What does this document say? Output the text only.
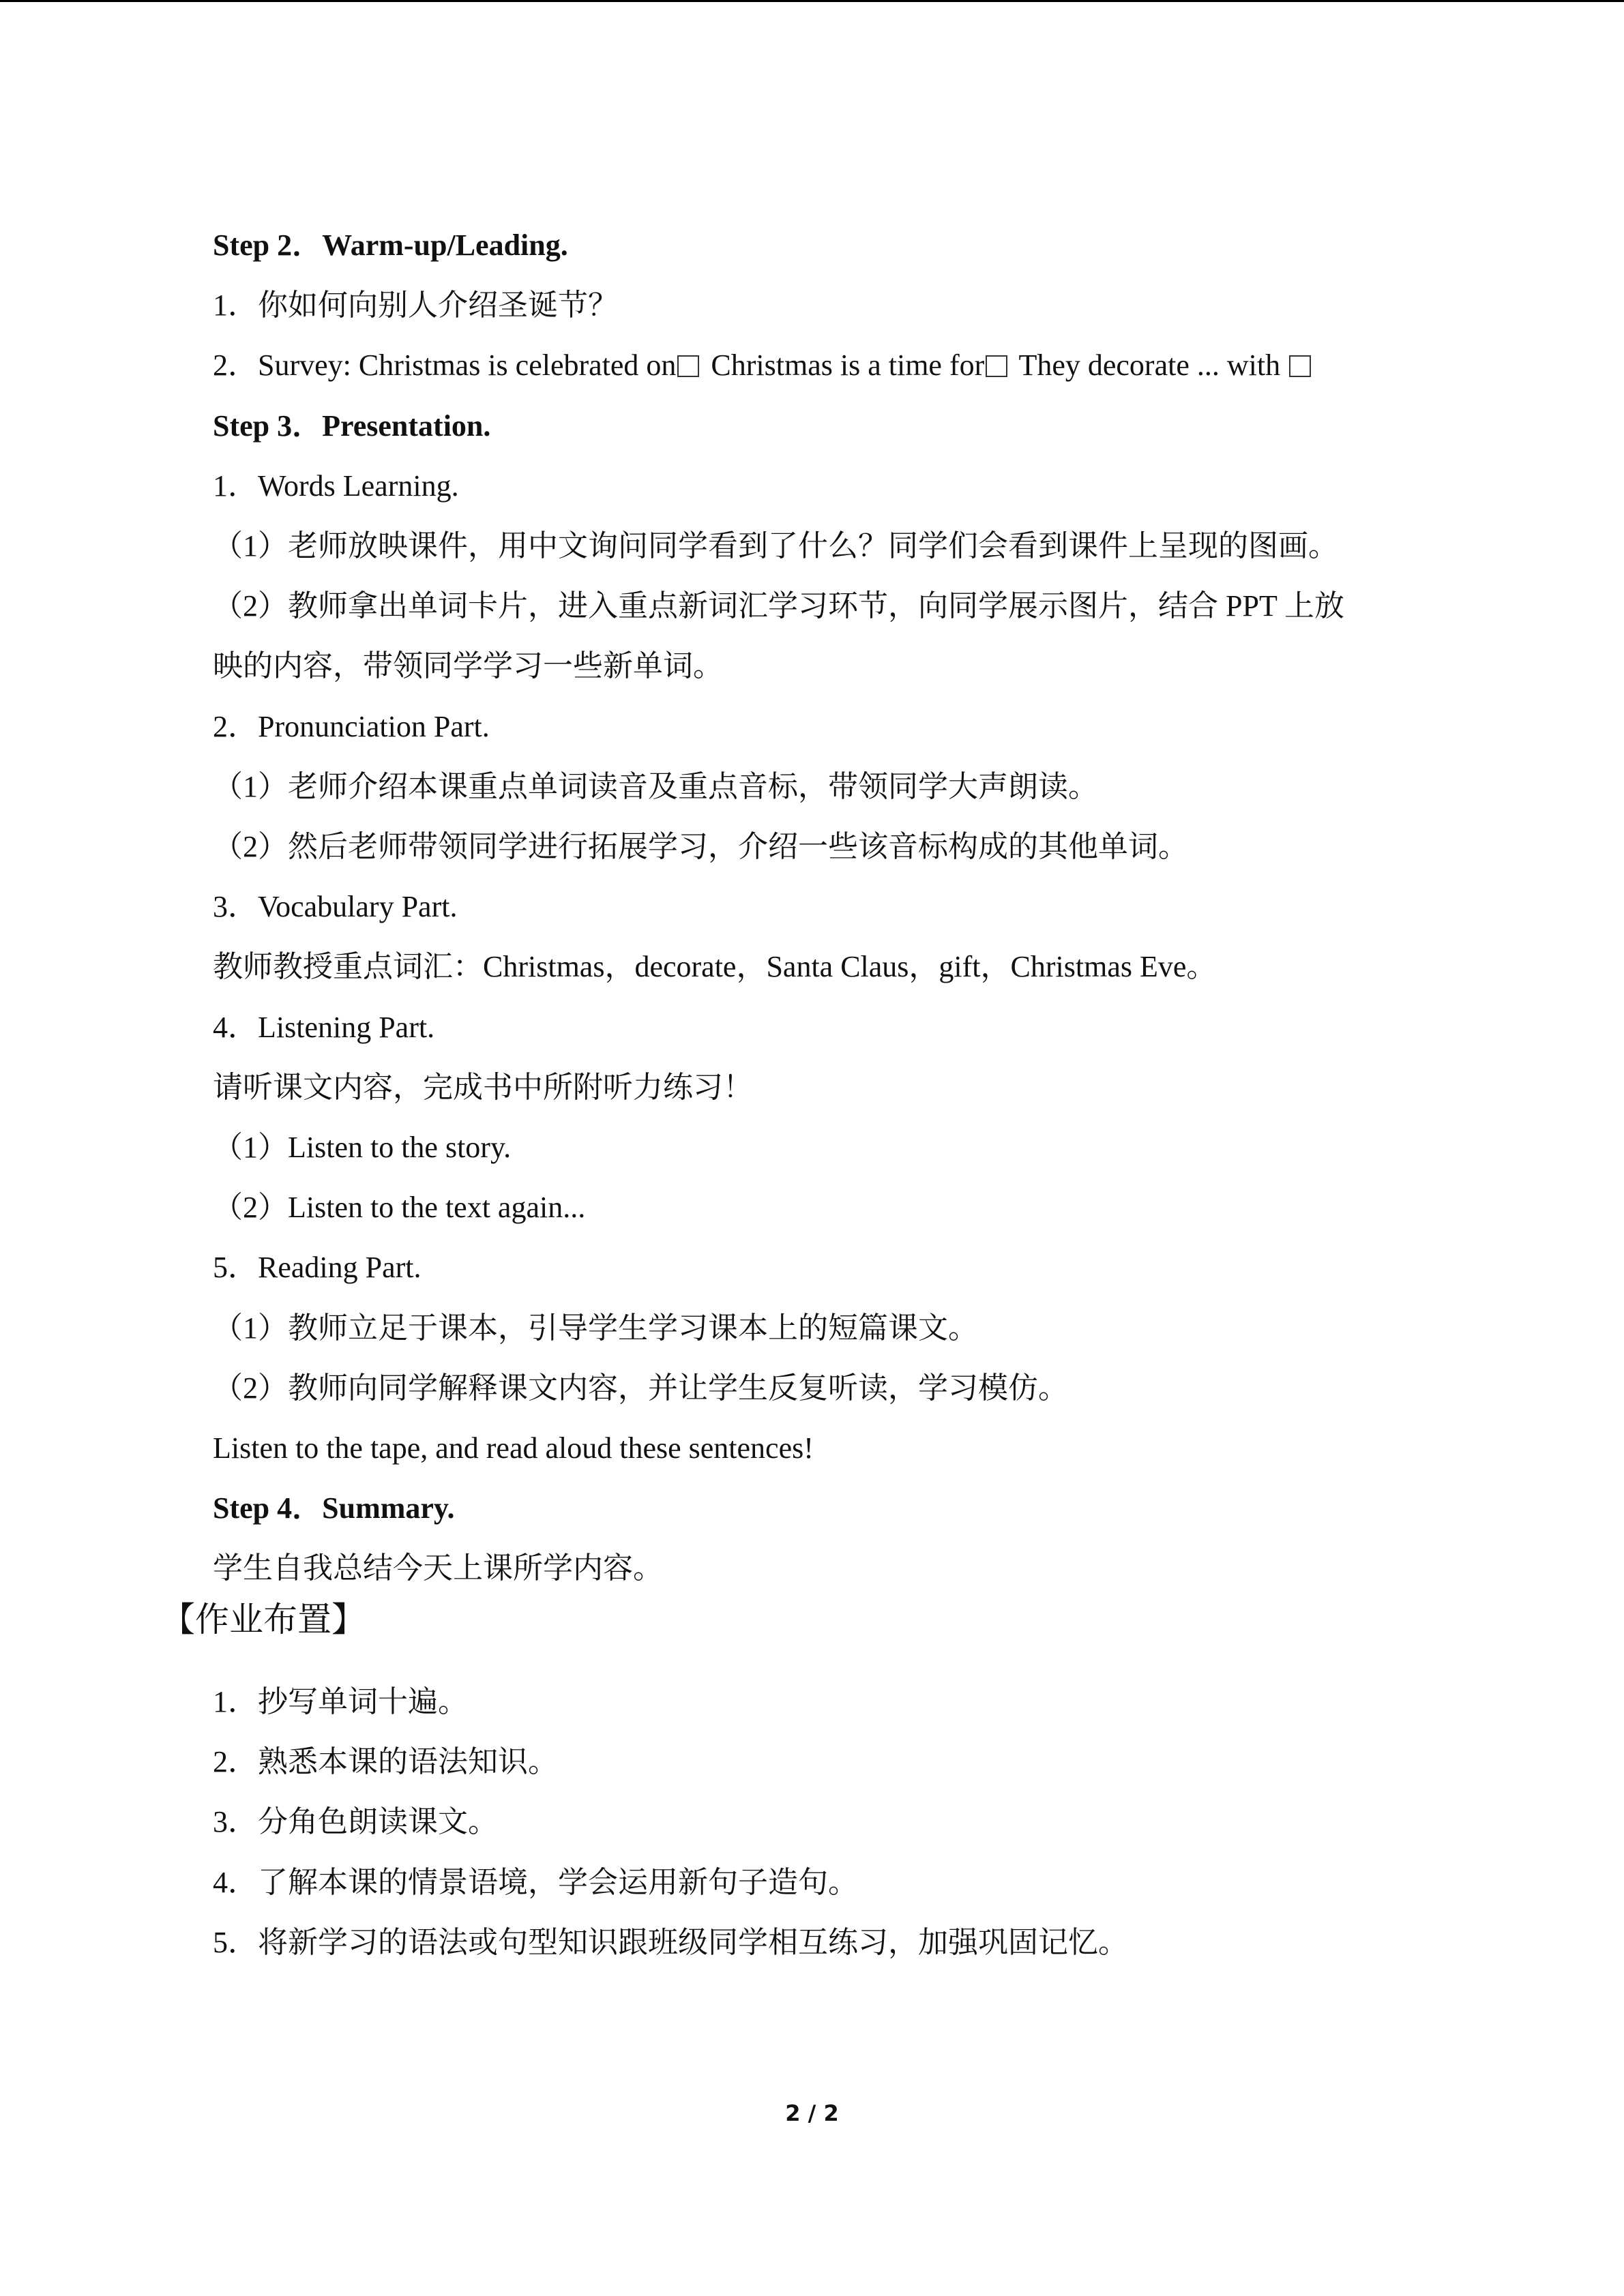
Step 2．Warm-up/Leading.
1．你如何向别人介绍圣诞节？
2．Survey: Christmas is celebrated on Christmas is a time for They decorate ... with
Step 3．Presentation.
1．Words Learning.
（1）老师放映课件，用中文询问同学看到了什么？同学们会看到课件上呈现的图画。
（2）教师拿出单词卡片，进入重点新词汇学习环节，向同学展示图片，结合 PPT 上放
映的内容，带领同学学习一些新单词。
2．Pronunciation Part.
（1）老师介绍本课重点单词读音及重点音标，带领同学大声朗读。
（2）然后老师带领同学进行拓展学习，介绍一些该音标构成的其他单词。
3．Vocabulary Part.
教师教授重点词汇：Christmas，decorate，Santa Claus，gift，Christmas Eve。
4．Listening Part.
请听课文内容，完成书中所附听力练习！
（1）Listen to the story.
（2）Listen to the text again...
5．Reading Part.
（1）教师立足于课本，引导学生学习课本上的短篇课文。
（2）教师向同学解释课文内容，并让学生反复听读，学习模仿。
Listen to the tape, and read aloud these sentences!
Step 4．Summary.
学生自我总结今天上课所学内容。
【作业布置】
1．抄写单词十遍。
2．熟悉本课的语法知识。
3．分角色朗读课文。
4．了解本课的情景语境，学会运用新句子造句。
5．将新学习的语法或句型知识跟班级同学相互练习，加强巩固记忆。
2 / 2
